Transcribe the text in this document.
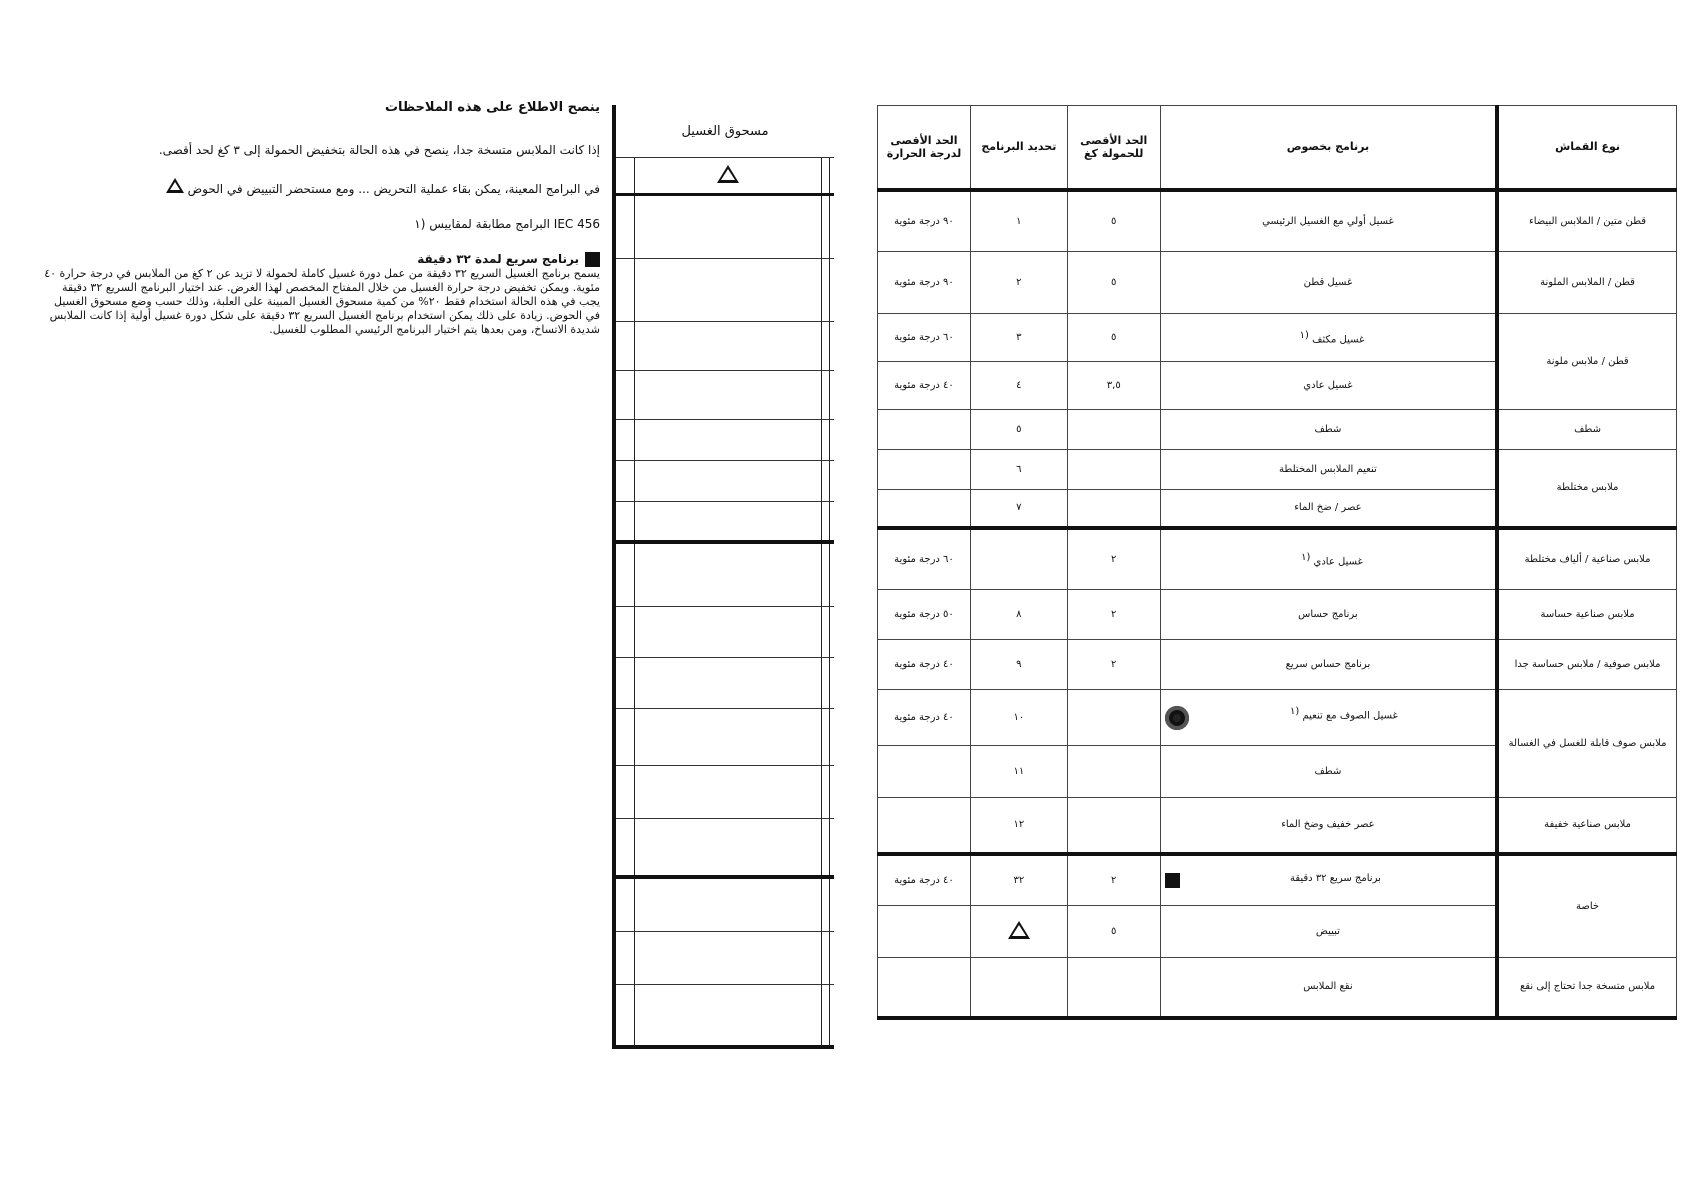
ينصح الاطلاع على هذه الملاحظات

إذا كانت الملابس متسخة جدا، ينصح في هذه الحالة بتخفيض الحمولة إلى ٣ كغ لحد أقصى.

في البرامج المعينة، يمكن بقاء عملية التحريض ... ومع مستحضر التبييض في الحوض

IEC 456 البرامج مطابقة لمقاييس (١

برنامج سريع لمدة ٣٢ دقيقة

يسمح برنامج الغسيل السريع ٣٢ دقيقة من عمل دورة غسيل كاملة لحمولة لا تزيد عن ٢ كغ من الملابس في درجة حرارة ٤٠ مئوية. ويمكن تخفيض درجة حرارة الغسيل من خلال المفتاح المخصص لهذا الغرض. عند اختيار البرنامج السريع ٣٢ دقيقة يجب في هذه الحالة استخدام فقط ٢٠% من كمية مسحوق الغسيل المبينة على العلبة، وذلك حسب وضع مسحوق الغسيل في الحوض. زيادة على ذلك يمكن استخدام برنامج الغسيل السريع ٣٢ دقيقة على شكل دورة غسيل أولية إذا كانت الملابس شديدة الاتساخ، ومن بعدها يتم اختيار البرنامج الرئيسي المطلوب للغسيل.

مسحوق الغسيل			

نوع القماش	برنامج بخصوص	الحد الأقصى للحمولة كغ	تحديد البرنامج	الحد الأقصى لدرجة الحرارة
قطن متين / الملابس البيضاء	غسيل أولي مع الغسيل الرئيسي	٥	١	٩٠ درجة مئوية
قطن / الملابس الملونة	غسيل قطن	٥	٢	٩٠ درجة مئوية
قطن / ملابس ملونة	غسيل مكثف $^{(١}$	٥	٣	٦٠ درجة مئوية
	غسيل عادي	٣,٥	٤	٤٠ درجة مئوية
شطف	شطف		٥	
ملابس مختلطة	تنعيم الملابس المختلطة		٦	
	عصر / ضخ الماء		٧	
ملابس صناعية / ألياف مختلطة	غسيل عادي $^{(١}$	٢		٦٠ درجة مئوية
ملابس صناعية حساسة	برنامج حساس	٢	٨	٥٠ درجة مئوية
ملابس صوفية / ملابس حساسة جدا	برنامج حساس سريع	٢	٩	٤٠ درجة مئوية
ملابس صوف قابلة للغسل في الغسالة	غسيل الصوف مع تنعيم $^{(١}$		١٠	٤٠ درجة مئوية
	شطف		١١	
ملابس صناعية خفيفة	عصر خفيف وضخ الماء		١٢	
خاصة	برنامج سريع ٣٢ دقيقة	٢	٣٢	٤٠ درجة مئوية
	تبييض	٥		
ملابس متسخة جدا تحتاج إلى نقع	نقع الملابس			
